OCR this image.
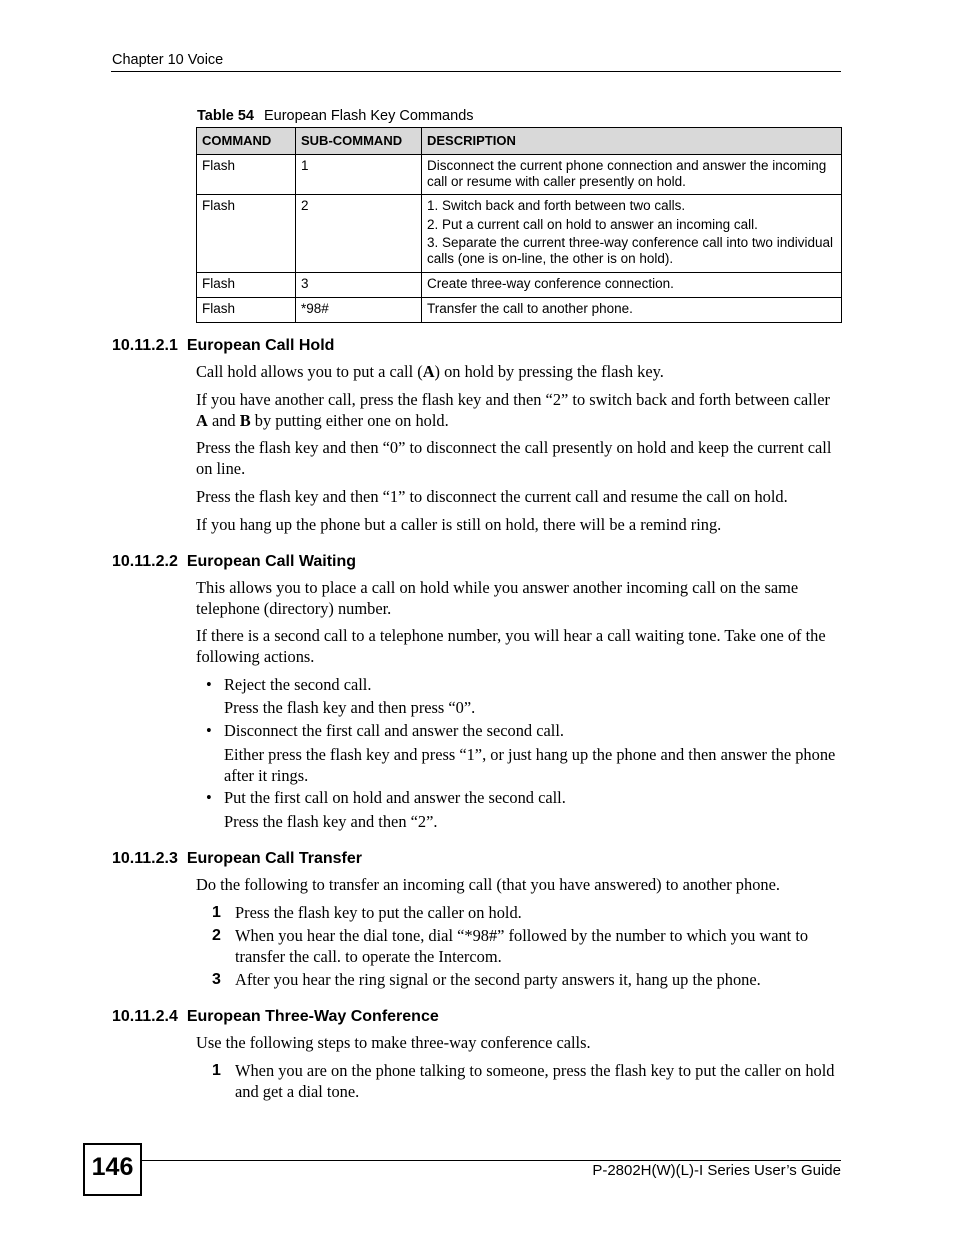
Chapter 10 Voice
Table 54 European Flash Key Commands
COMMAND	SUB-COMMAND	DESCRIPTION
Flash	1	Disconnect the current phone connection and answer the incoming call or resume with caller presently on hold.

Flash	2	1. Switch back and forth between two calls.
2. Put a current call on hold to answer an incoming call.
3. Separate the current three-way conference call into two individual calls (one is on-line, the other is on hold).

Flash	3	Create three-way conference connection.

Flash	*98#	Transfer the call to another phone.
10.11.2.1 European Call Hold

Call hold allows you to put a call (A) on hold by pressing the flash key.

If you have another call, press the flash key and then “2” to switch back and forth between caller A and B by putting either one on hold.

Press the flash key and then “0” to disconnect the call presently on hold and keep the current call on line.

Press the flash key and then “1” to disconnect the current call and resume the call on hold.

If you hang up the phone but a caller is still on hold, there will be a remind ring.

10.11.2.2 European Call Waiting

This allows you to place a call on hold while you answer another incoming call on the same telephone (directory) number.

If there is a second call to a telephone number, you will hear a call waiting tone. Take one of the following actions.

• Reject the second call.
Press the flash key and then press “0”.
• Disconnect the first call and answer the second call.
Either press the flash key and press “1”, or just hang up the phone and then answer the phone after it rings.
• Put the first call on hold and answer the second call.
Press the flash key and then “2”.
10.11.2.3 European Call Transfer

Do the following to transfer an incoming call (that you have answered) to another phone.

1 Press the flash key to put the caller on hold.
2 When you hear the dial tone, dial “*98#” followed by the number to which you want to transfer the call. to operate the Intercom.
3 After you hear the ring signal or the second party answers it, hang up the phone.
10.11.2.4 European Three-Way Conference

Use the following steps to make three-way conference calls.

1 When you are on the phone talking to someone, press the flash key to put the caller on hold and get a dial tone.
146	P-2802H(W)(L)-I Series User’s Guide
